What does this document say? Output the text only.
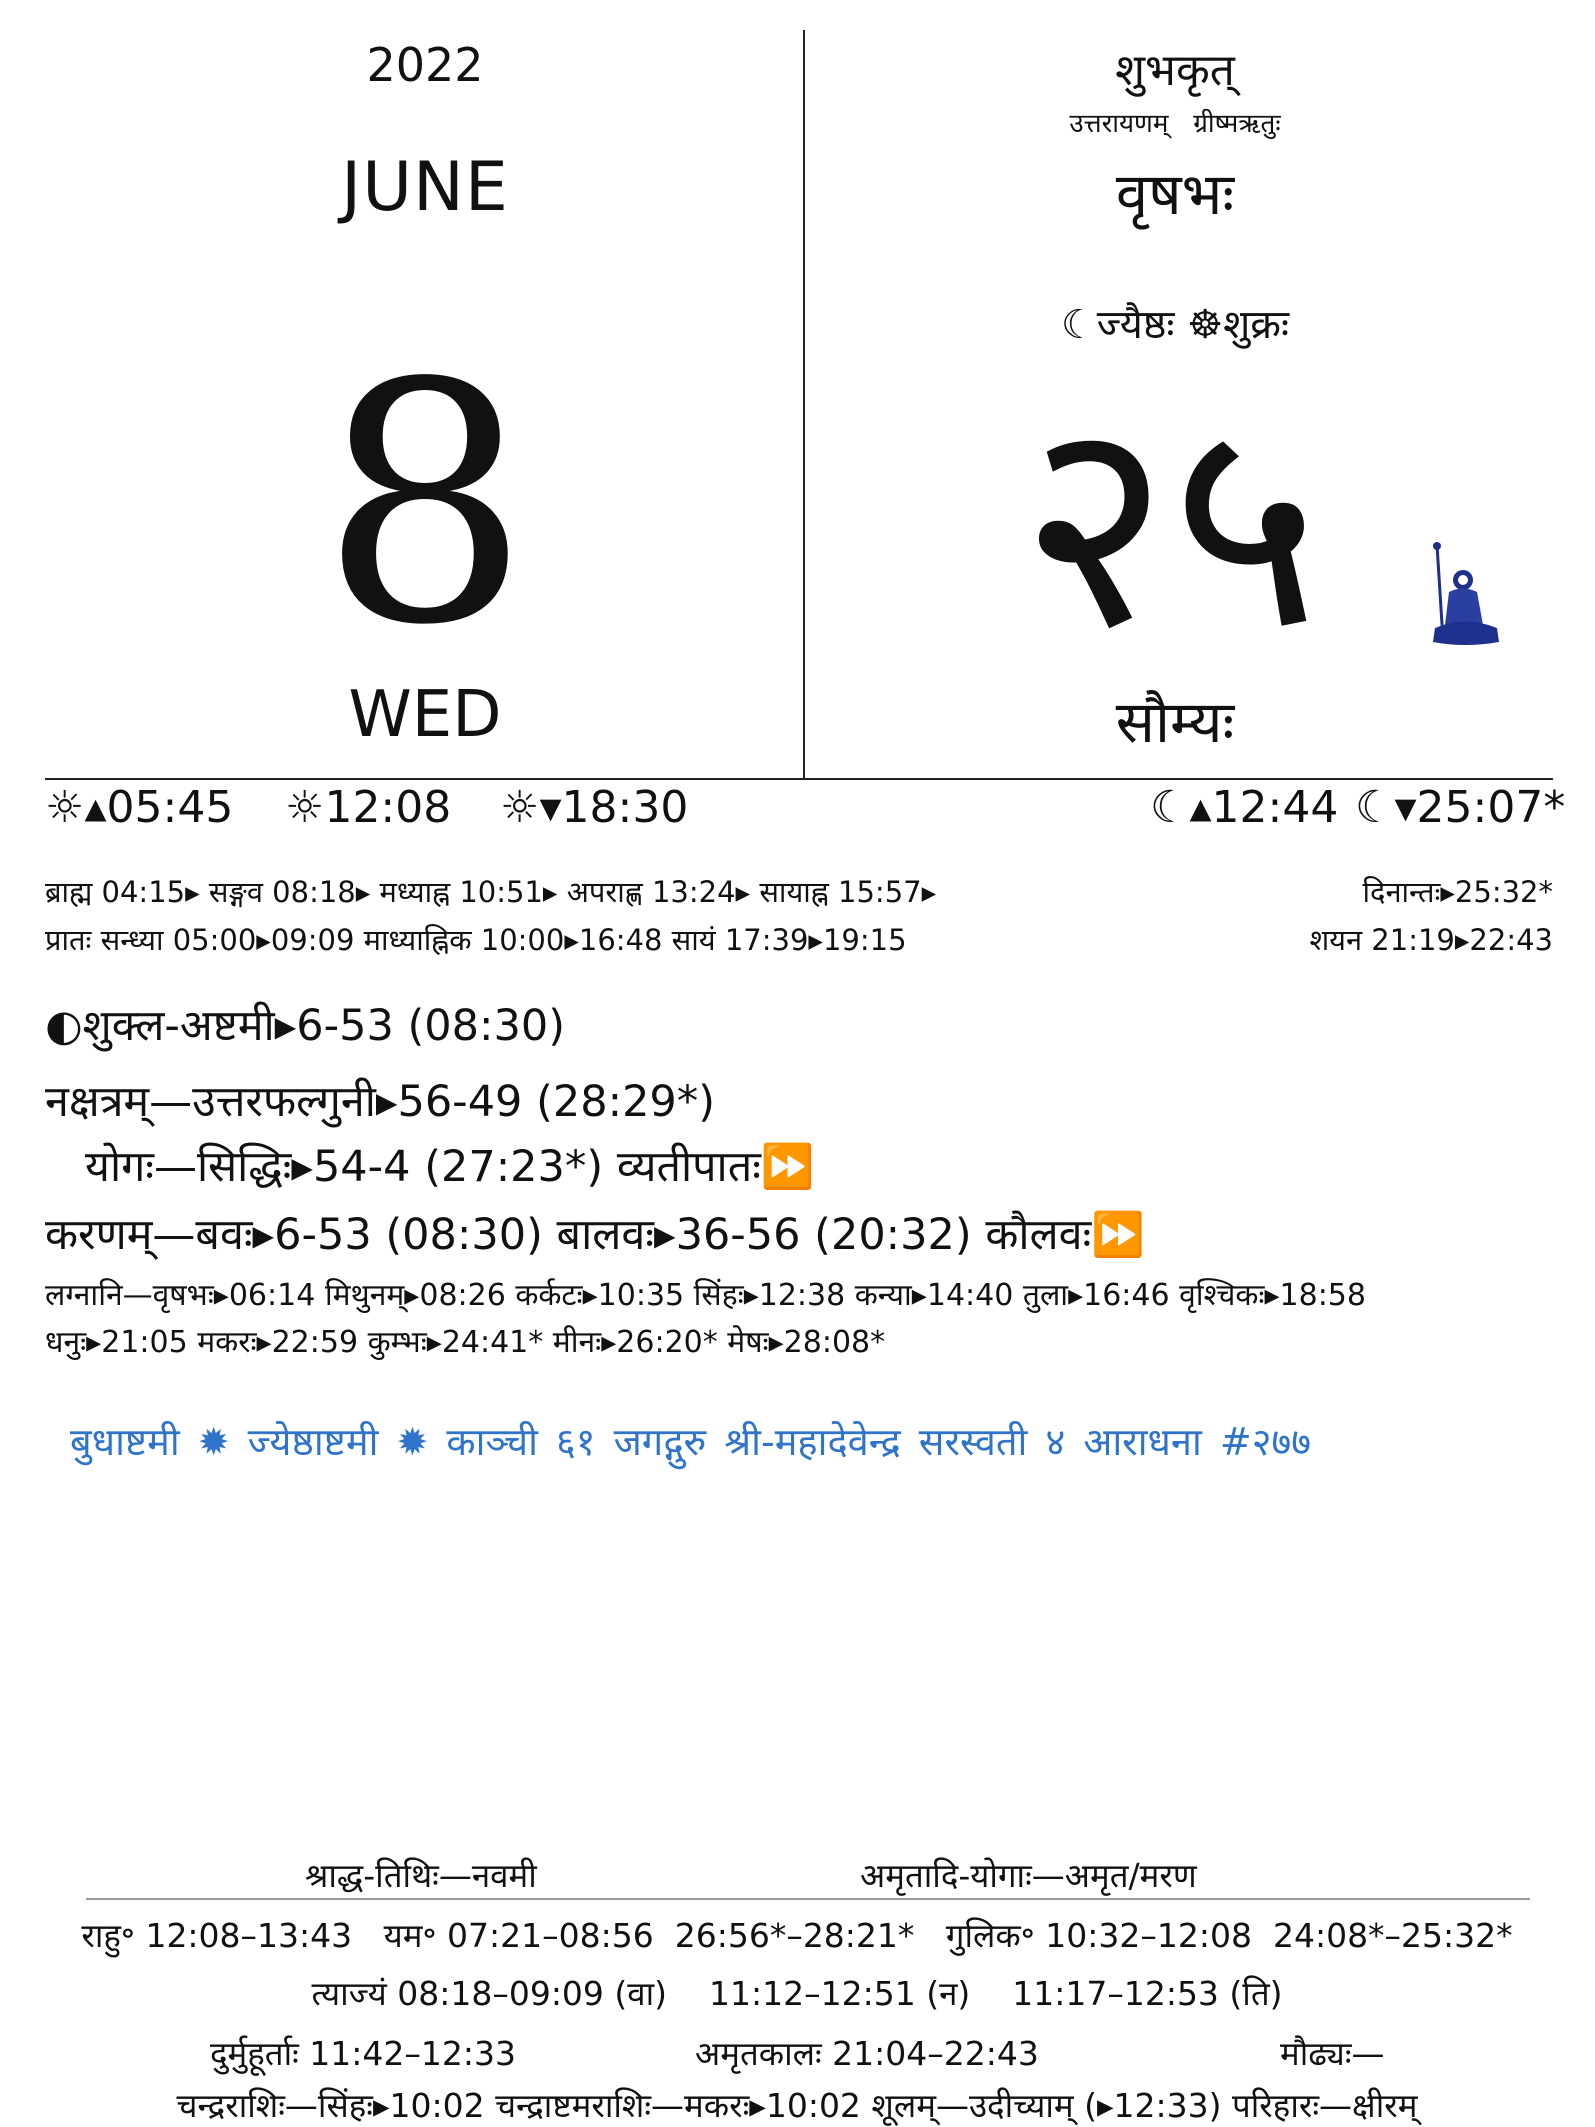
2022
JUNE
8
WED
शुभकृत्
उत्तरायणम्   ग्रीष्मऋतुः
वृषभः
☾ज्यैष्ठः ☸शुक्रः
२५
सौम्यः
☼▴05:45 ☼12:08 ☼▾18:30	☾▴12:44 ☾▾25:07*
ब्राह्म 04:15▸ सङ्गव 08:18▸ मध्याह्न 10:51▸ अपराह्ण 13:24▸ सायाह्न 15:57▸	दिनान्तः▸25:32*
प्रातः सन्ध्या 05:00▸09:09 माध्याह्निक 10:00▸16:48 सायं 17:39▸19:15	शयन 21:19▸22:43
◐शुक्ल-अष्टमी▸6-53 (08:30)
नक्षत्रम्—उत्तरफल्गुनी▸56-49 (28:29*)
योगः—सिद्धिः▸54-4 (27:23*) व्यतीपातः⏩
करणम्—बवः▸6-53 (08:30) बालवः▸36-56 (20:32) कौलवः⏩
लग्नानि—वृषभः▸06:14 मिथुनम्▸08:26 कर्कटः▸10:35 सिंहः▸12:38 कन्या▸14:40 तुला▸16:46 वृश्चिकः▸18:58
धनुः▸21:05 मकरः▸22:59 कुम्भः▸24:41* मीनः▸26:20* मेषः▸28:08*
बुधाष्टमी ✹ ज्येष्ठाष्टमी ✹ काञ्ची ६१ जगद्गुरु श्री-महादेवेन्द्र सरस्वती ४ आराधना #२७७
श्राद्ध-तिथिः—नवमी	अमृतादि-योगाः—अमृत/मरण
राहु॰ 12:08–13:43   यम॰ 07:21–08:56  26:56*–28:21*   गुलिक॰ 10:32–12:08  24:08*–25:32*
त्याज्यं 08:18–09:09 (वा)    11:12–12:51 (न)    11:17–12:53 (ति)
दुर्मुहूर्ताः 11:42–12:33	अमृतकालः 21:04–22:43	मौढ्यः—
चन्द्रराशिः—सिंहः▸10:02 चन्द्राष्टमराशिः—मकरः▸10:02 शूलम्—उदीच्याम् (▸12:33) परिहारः—क्षीरम्
